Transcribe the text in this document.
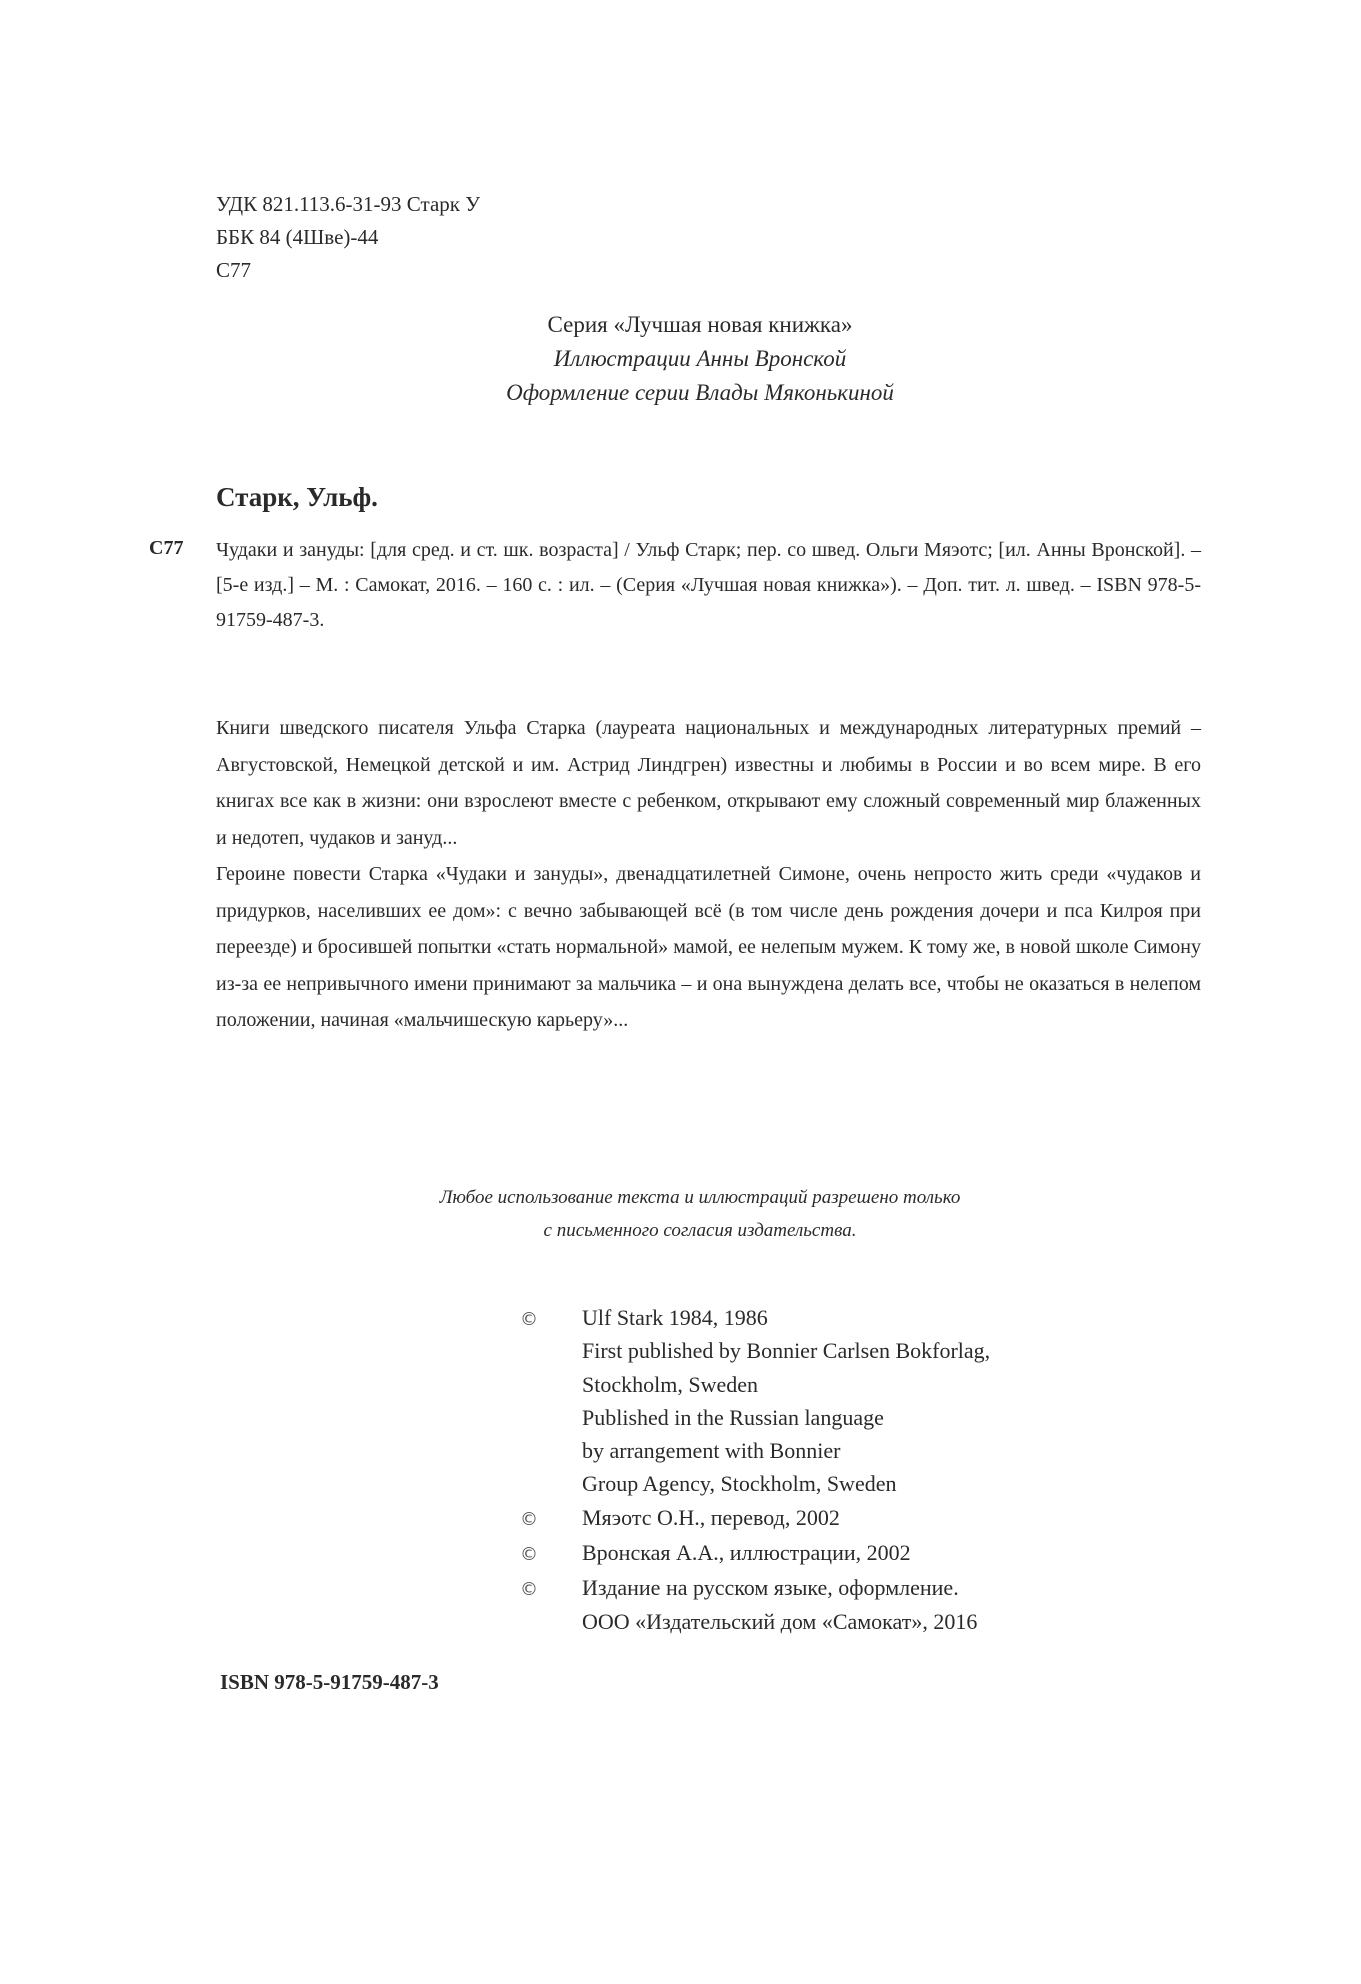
УДК 821.113.6-31-93 Старк У
ББК 84 (4Шве)-44
С77
Серия «Лучшая новая книжка»
Иллюстрации Анны Вронской
Оформление серии Влады Мяконькиной
Старк, Ульф.
С77 Чудаки и зануды: [для сред. и ст. шк. возраста] / Ульф Старк; пер. со швед. Ольги Мяэотс; [ил. Анны Вронской]. – [5-е изд.] – М. : Самокат, 2016. – 160 с. : ил. – (Серия «Лучшая новая книжка»). – Доп. тит. л. швед. – ISBN 978-5-91759-487-3.

Книги шведского писателя Ульфа Старка (лауреата национальных и международных литературных премий – Августовской, Немецкой детской и им. Астрид Линдгрен) известны и любимы в России и во всем мире. В его книгах все как в жизни: они взрослеют вместе с ребенком, открывают ему сложный современный мир блаженных и недотеп, чудаков и зануд...

Героине повести Старка «Чудаки и зануды», двенадцатилетней Симоне, очень непросто жить среди «чудаков и придурков, населивших ее дом»: с вечно забывающей всё (в том числе день рождения дочери и пса Килроя при переезде) и бросившей попытки «стать нормальной» мамой, ее нелепым мужем. К тому же, в новой школе Симону из-за ее непривычного имени принимают за мальчика – и она вынуждена делать все, чтобы не оказаться в нелепом положении, начиная «мальчишескую карьеру»...

Любое использование текста и иллюстраций разрешено только
с письменного согласия издательства.
©	Ulf Stark 1984, 1986
First published by Bonnier Carlsen Bokforlag,
Stockholm, Sweden
Published in the Russian language
by arrangement with Bonnier
Group Agency, Stockholm, Sweden
©	Мяэотс О.Н., перевод, 2002
©	Вронская А.А., иллюстрации, 2002
©	Издание на русском языке, оформление.
ООО «Издательский дом «Самокат», 2016
ISBN 978-5-91759-487-3
